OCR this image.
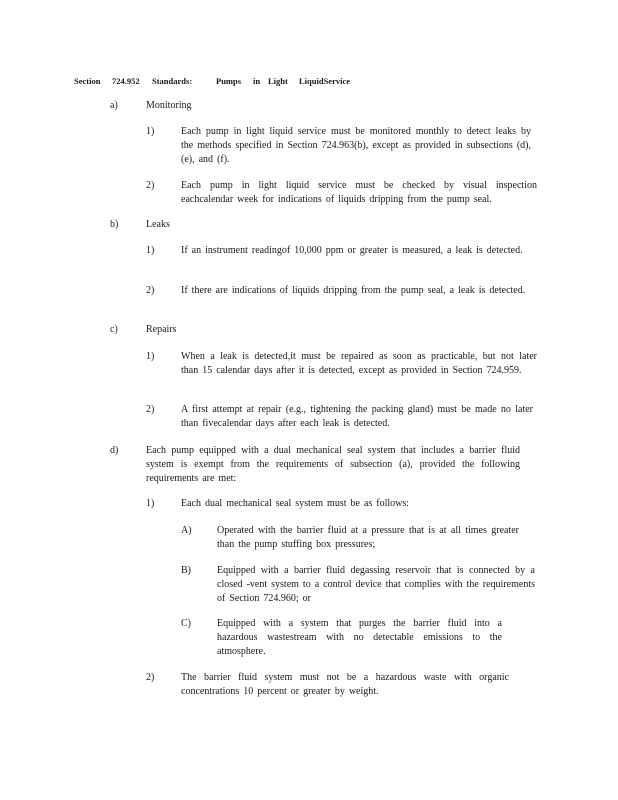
Section 724.952 Standards:	Pumps in Light LiquidService
a)	Monitoring
1)	Each pump in light liquid service must be monitored monthly to detect leaks by the methods specified in Section 724.963(b), except as provided in subsections (d), (e), and (f).
2)	Each pump in light liquid service must be checked by visual inspection eachcalendar week for indications of liquids dripping from the pump seal.
b)	Leaks
1)	If an instrument readingof 10,000 ppm or greater is measured, a leak is detected.
2)	If there are indications of liquids dripping from the pump seal, a leak is detected.
c)	Repairs
1)	When a leak is detected,it must be repaired as soon as practicable, but not later than 15 calendar days after it is detected, except as provided in Section 724.959.
2)	A first attempt at repair (e.g., tightening the packing gland) must be made no later than fivecalendar days after each leak is detected.
d)	Each pump equipped with a dual mechanical seal system that includes a barrier fluid system is exempt from the requirements of subsection (a), provided the following requirements are met:
1)	Each dual mechanical seal system must be as follows:
A)	Operated with the barrier fluid at a pressure that is at all times greater than the pump stuffing box pressures;
B)	Equipped with a barrier fluid degassing reservoir that is connected by a closed -vent system to a control device that complies with the requirements of Section 724.960; or
C)	Equipped with a system that purges the barrier fluid into a hazardous wastestream with no detectable emissions to the atmosphere.
2)	The barrier fluid system must not be a hazardous waste with organic concentrations 10 percent or greater by weight.
